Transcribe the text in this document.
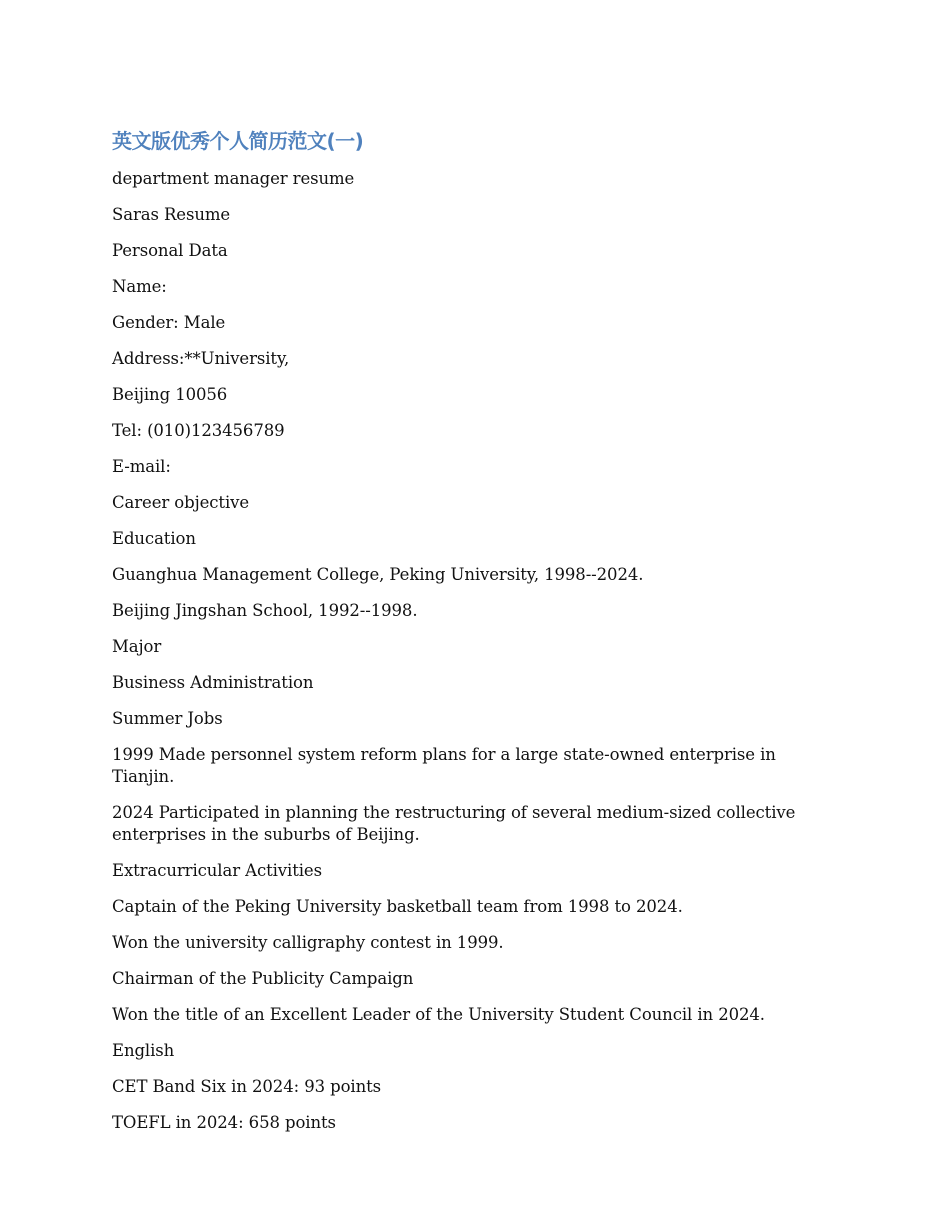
英文版优秀个人简历范文(一)

department manager resume

Saras Resume

Personal Data

Name:

Gender: Male

Address:**University,

Beijing 10056

Tel: (010)123456789

E-mail:

Career objective

Education

Guanghua Management College, Peking University, 1998--2024.

Beijing Jingshan School, 1992--1998.

Major

Business Administration

Summer Jobs

1999 Made personnel system reform plans for a large state-owned enterprise in Tianjin.

2024 Participated in planning the restructuring of several medium-sized collective enterprises in the suburbs of Beijing.

Extracurricular Activities

Captain of the Peking University basketball team from 1998 to 2024.

Won the university calligraphy contest in 1999.

Chairman of the Publicity Campaign

Won the title of an Excellent Leader of the University Student Council in 2024.

English

CET Band Six in 2024: 93 points

TOEFL in 2024: 658 points
